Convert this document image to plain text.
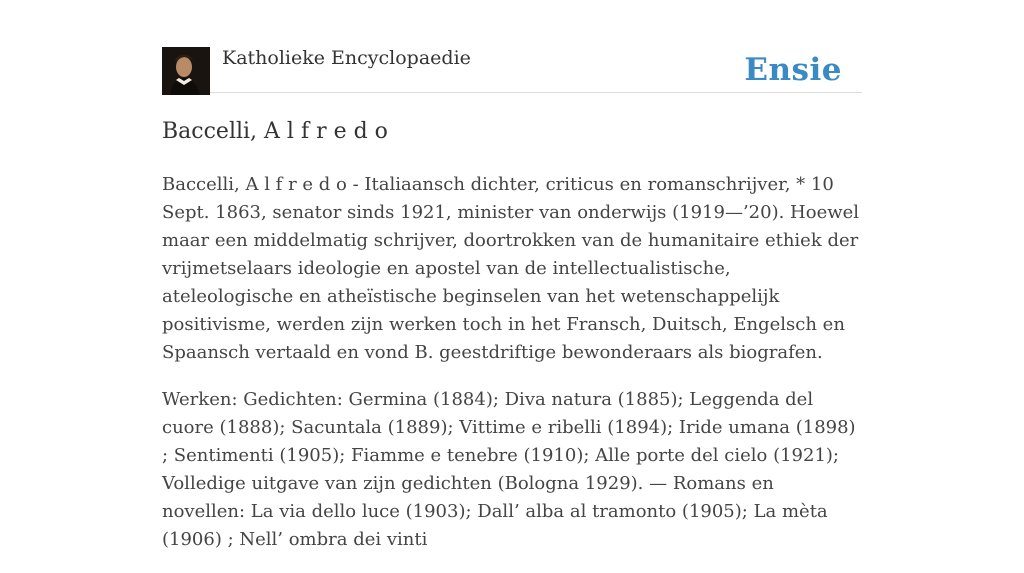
Katholieke Encyclopaedie	Ensie
Baccelli, A l f r e d o

Baccelli, A l f r e d o - Italiaansch dichter, criticus en romanschrijver, * 10 Sept. 1863, senator sinds 1921, minister van onderwijs (1919—’20). Hoewel maar een middelmatig schrijver, doortrokken van de humanitaire ethiek der vrijmetselaars ideologie en apostel van de intellectualistische, ateleologische en atheïstische beginselen van het wetenschappelijk positivisme, werden zijn werken toch in het Fransch, Duitsch, Engelsch en Spaansch vertaald en vond B. geestdriftige bewonderaars als biografen.

Werken: Gedichten: Germina (1884); Diva natura (1885); Leggenda del cuore (1888); Sacuntala (1889); Vittime e ribelli (1894); Iride umana (1898) ; Sentimenti (1905); Fiamme e tenebre (1910); Alle porte del cielo (1921); Volledige uitgave van zijn gedichten (Bologna 1929). — Romans en novellen: La via dello luce (1903); Dall’ alba al tramonto (1905); La mèta (1906) ; Nell’ ombra dei vinti
